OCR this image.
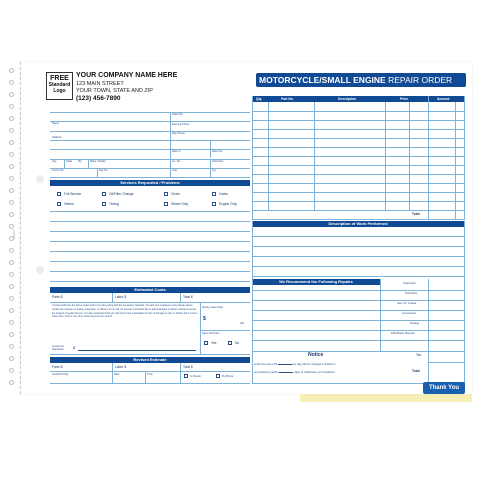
ASSIST
FREE
Standard
Logo
YOUR COMPANY NAME HERE
123 MAIN STREET
YOUR TOWN, STATE AND ZIP
(123) 456-7890
MOTORCYCLE/SMALL ENGINE REPAIR ORDER
Name
Address
City	State Zip	Make / Model
Frame No.	Key No.
Taken By
Evening Phone
Day Phone
Date In	Date Out
Lic. No.	Odometer
Year	Cyl
Services Requested / Problems
Full Service	Oil/Filter Change	Chain	Carbs
Valves	Timing	Wheel Only	Engine Only
Qty.	Part No.	Description	Price	Amount
Total
Description of Work Performed
Estimated Costs
Parts $	Labor $	Total $
I hereby authorize the above repair work to be done along with the necessary materials. You and your employees may operate above vehicle for purposes of testing, inspection, or delivery at my risk. An express mechanics lien is acknowledged on above vehicle to secure the amount of repairs thereto. It is also understood that you will not be held responsible for loss or damage to cars or articles left in cars in case of fire, theft or any other cause beyond your control.
Customer Signature	X
Hourly Labor Rate
$
HR.
Save Old Parts
Yes	No
Revised Estimate
Parts $	Labor $	Total $
Authorized By	Date	Time
In Person	By Phone
We Recommend the Following Repairs	Total Labor
Total Parts
Gas, Oil, Grease
Accessories
Storage
EPA/Waste Disposal
Notice
A Service Fee of $	per day will be charged if vehicle is
not picked up within	days of notification of completion.
Tax
Total
Thank You
